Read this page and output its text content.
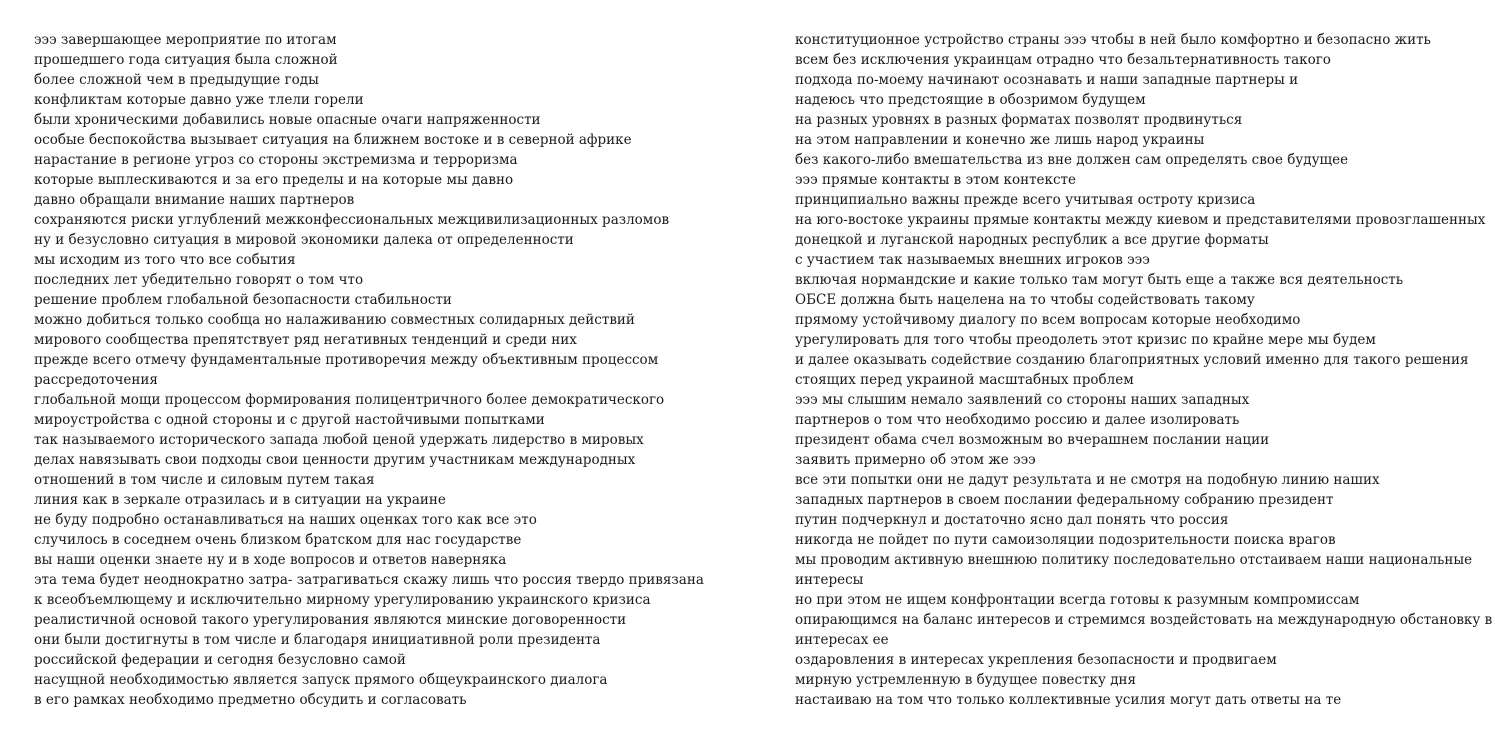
эээ завершающее мероприятие по итогам
прошедшего года ситуация была сложной
более сложной чем в предыдущие годы
конфликтам которые давно уже тлели горели
были хроническими добавились новые опасные очаги напряженности
особые беспокойства вызывает ситуация на ближнем востоке и в северной африке
нарастание в регионе угроз со стороны экстремизма и терроризма
которые выплескиваются и за его пределы и на которые мы давно
давно обращали внимание наших партнеров
сохраняются риски углублений межконфессиональных межцивилизационных разломов
ну и безусловно ситуация в мировой экономики далека от определенности
мы исходим из того что все события
последних лет убедительно говорят о том что
решение проблем глобальной безопасности стабильности
можно добиться только сообща но налаживанию совместных солидарных действий
мирового сообщества препятствует ряд негативных тенденций и среди них
прежде всего отмечу фундаментальные противоречия между объективным процессом
рассредоточения
глобальной мощи процессом формирования полицентричного более демократического
мироустройства с одной стороны и с другой настойчивыми попытками
так называемого исторического запада любой ценой удержать лидерство в мировых
делах навязывать свои подходы свои ценности другим участникам международных
отношений в том числе и силовым путем такая
линия как в зеркале отразилась и в ситуации на украине
не буду подробно останавливаться на наших оценках того как все это
случилось в соседнем очень близком братском для нас государстве
вы наши оценки знаете ну и в ходе вопросов и ответов наверняка
эта тема будет неоднократно затра- затрагиваться скажу лишь что россия твердо привязана
к всеобъемлющему и исключительно мирному урегулированию украинского кризиса
реалистичной основой такого урегулирования являются минские договоренности
они были достигнуты в том числе и благодаря инициативной роли президента
российской федерации и сегодня безусловно самой
насущной необходимостью является запуск прямого общеукраинского диалога
в его рамках необходимо предметно обсудить и согласовать
конституционное устройство страны эээ чтобы в ней было комфортно и безопасно жить
всем без исключения украинцам отрадно что безальтернативность такого
подхода по-моему начинают осознавать и наши западные партнеры и
надеюсь что предстоящие в обозримом будущем
на разных уровнях в разных форматах позволят продвинуться
на этом направлении и конечно же лишь народ украины
без какого-либо вмешательства из вне должен сам определять свое будущее
эээ прямые контакты в этом контексте
принципиально важны прежде всего учитывая остроту кризиса
на юго-востоке украины прямые контакты между киевом и представителями провозглашенных
донецкой и луганской народных республик а все другие форматы
с участием так называемых внешних игроков эээ
включая нормандские и какие только там могут быть еще а также вся деятельность
ОБСЕ должна быть нацелена на то чтобы содействовать такому
прямому устойчивому диалогу по всем вопросам которые необходимо
урегулировать для того чтобы преодолеть этот кризис по крайне мере мы будем
и далее оказывать содействие созданию благоприятных условий именно для такого решения
стоящих перед украиной масштабных проблем
эээ мы слышим немало заявлений со стороны наших западных
партнеров о том что необходимо россию и далее изолировать
президент обама счел возможным во вчерашнем послании нации
заявить примерно об этом же эээ
все эти попытки они не дадут результата и не смотря на подобную линию наших
западных партнеров в своем послании федеральному собранию президент
путин подчеркнул и достаточно ясно дал понять что россия
никогда не пойдет по пути самоизоляции подозрительности поиска врагов
мы проводим активную внешнюю политику последовательно отстаиваем наши национальные
интересы
но при этом не ищем конфронтации всегда готовы к разумным компромиссам
опирающимся на баланс интересов и стремимся воздейстовать на международную обстановку в
интересах ее
оздаровления в интересах укрепления безопасности и продвигаем
мирную устремленную в будущее повестку дня
настаиваю на том что только коллективные усилия могут дать ответы на те
